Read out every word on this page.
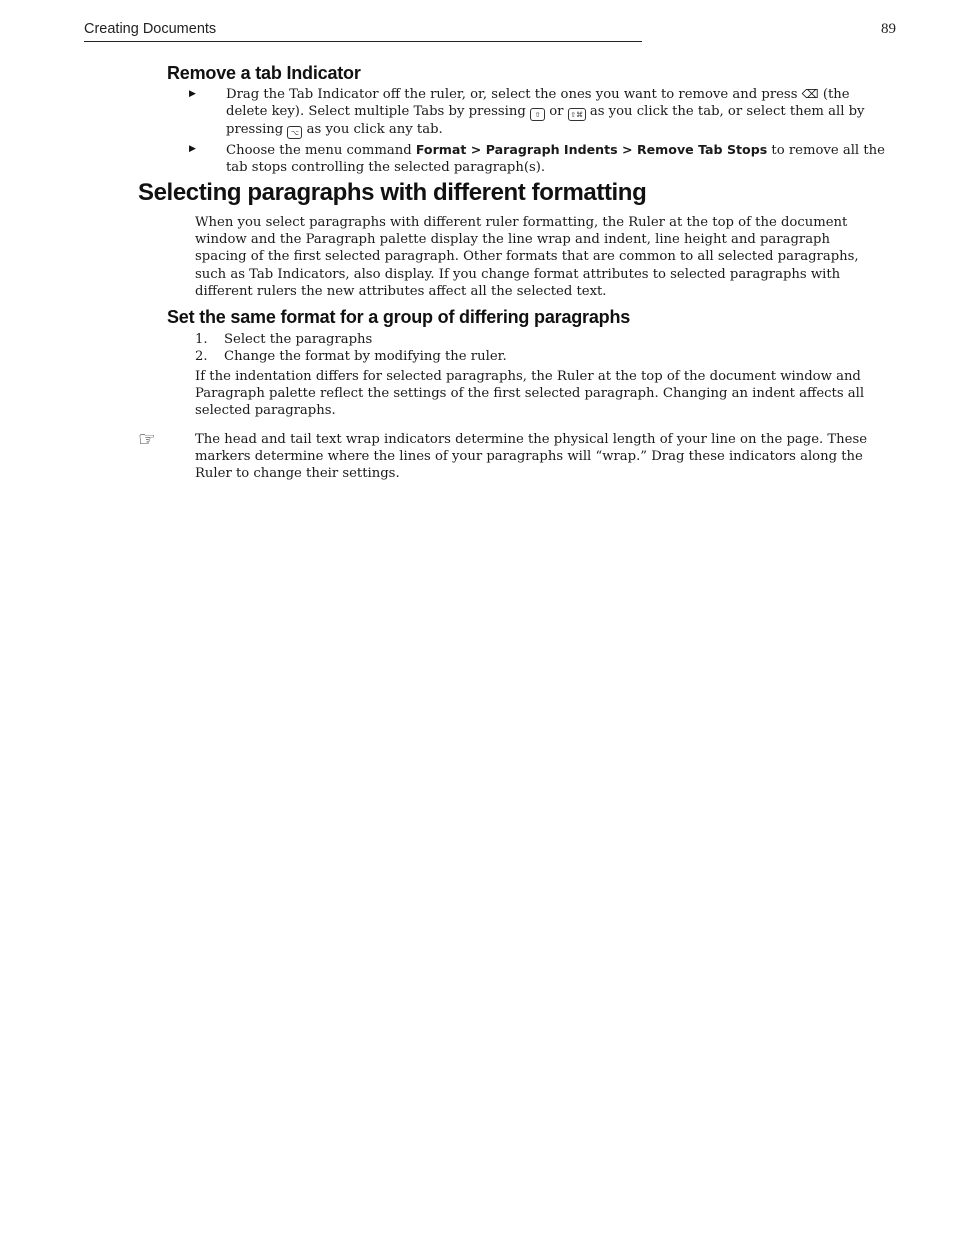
Creating Documents	89
Remove a tab Indicator
▶	Drag the Tab Indicator off the ruler, or, select the ones you want to remove and press ⌫ (the delete key). Select multiple Tabs by pressing ⇧ or ⇧⌘ as you click the tab, or select them all by pressing ⌥ as you click any tab.
▶	Choose the menu command Format > Paragraph Indents > Remove Tab Stops to remove all the tab stops controlling the selected paragraph(s).
Selecting paragraphs with different formatting
When you select paragraphs with different ruler formatting, the Ruler at the top of the document window and the Paragraph palette display the line wrap and indent, line height and paragraph spacing of the first selected paragraph. Other formats that are common to all selected paragraphs, such as Tab Indicators, also display. If you change format attributes to selected paragraphs with different rulers the new attributes affect all the selected text.
Set the same format for a group of differing paragraphs
1.	Select the paragraphs
2.	Change the format by modifying the ruler.
If the indentation differs for selected paragraphs, the Ruler at the top of the document window and Paragraph palette reflect the settings of the first selected paragraph. Changing an indent affects all selected paragraphs.
☞	The head and tail text wrap indicators determine the physical length of your line on the page. These markers determine where the lines of your paragraphs will “wrap.” Drag these indicators along the Ruler to change their settings.
